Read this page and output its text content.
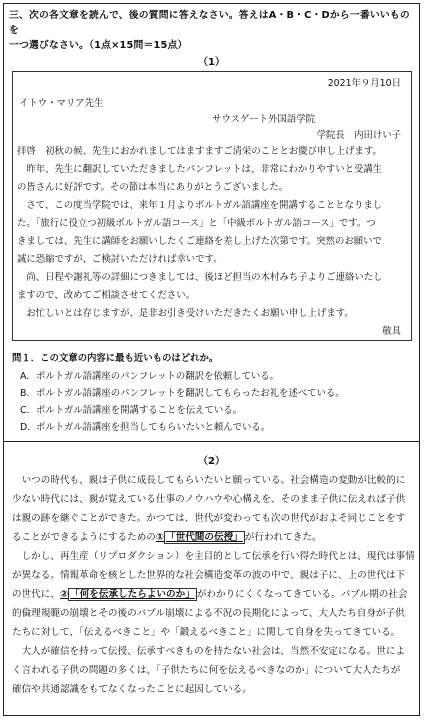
三、次の各文章を読んで、後の質問に答えなさい。答えはA・B・C・Dから一番いいものを
一つ選びなさい。（1点×15問＝15点）
（1）
2021年９月10日
イトウ・マリア先生
サウスゲート外国語学院
学院長　内田けい子
拝啓　初秋の候、先生におかれましてはますますご清栄のこととお慶び申し上げます。
　昨年、先生に翻訳していただきましたパンフレットは、非常にわかりやすいと受講生
の皆さんに好評です。その節は本当にありがとうございました。
　さて、この度当学院では、来年１月よりポルトガル語講座を開講することとなりまし
た。「旅行に役立つ初級ポルトガル語コース」と「中級ポルトガル語コース」です。つ
きましては、先生に講師をお願いしたくご連絡を差し上げた次第です。突然のお願いで
誠に恐縮ですが、ご検討いただければ幸いです。
　尚、日程や謝礼等の詳細につきましては、後ほど担当の木村みち子よりご連絡いたし
ますので、改めてご相談させてください。
　お忙しいとは存じますが、是非お引き受けいただきたくお願い申し上げます。
敬具
問１．この文章の内容に最も近いものはどれか。
A. ポルトガル語講座のパンフレットの翻訳を依頼している。
B. ポルトガル語講座のパンフレットを翻訳してもらったお礼を述べている。
C. ポルトガル語講座を開講することを伝えている。
D. ポルトガル語講座を担当してもらいたいと頼んでいる。
（2）
　いつの時代も、親は子供に成長してもらいたいと願っている。社会構造の変動が比較的に
少ない時代には、親が覚えている仕事のノウハウや心構えを、そのまま子供に伝えれば子供
は親の跡を継ぐことができた。かつては、世代が変わっても次の世代がおよそ同じことをす
ることができるようにするための① 「世代間の伝授」 が行われてきた。
　しかし、再生産（リプロダクション）を主目的として伝承を行い得た時代とは、現代は事情
が異なる。情報革命を核とした世界的な社会構造変革の波の中で、親は子に、上の世代は下
の世代に、② 「何を伝承したらよいのか」 がわかりにくくなってきている。バブル期の社会
的倫理規範の崩壊とその後のバブル崩壊による不況の長期化によって、大人たち自身が子供
たちに対して、「伝えるべきこと」や「鍛えるべきこと」に関して自身を失ってきている。
　大人が確信を持って伝授、伝承すべきものを持たない社会は、当然不安定になる。世によ
く言われる子供の問題の多くは、「子供たちに何を伝えるべきなのか」について大人たちが
確信や共通認識をもてなくなったことに起因している。
